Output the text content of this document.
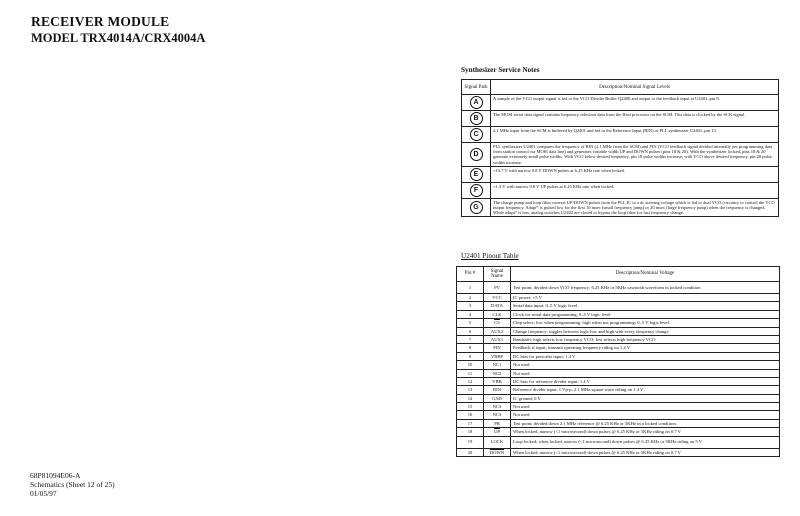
RECEIVER MODULE
MODEL TRX4014A/CRX4004A
Synthesizer Service Notes
Signal Path	Description/Nominal Signal Levels
A	A sample of the VCO output signal is fed to the VCO Divider Buffer Q2400 and output to the feedback input at U2401–pin 8.
B	The MOSI serial data signal contains frequency selection data from the Host processor on the SCM. This data is clocked by the SCK signal.
C	2.1 MHz input from the SCM is buffered by Q2401 and fed to the Reference Input (RIN) of PLL synthesizer U2401–pin 13.
D	PLL synthesizer U2401 compares the frequency of RIN (2.1 MHz from the SCM) and FIN (VCO feedback signal divided internally per programming data from station control via MOSI data line) and generates variable width UP and DOWN pulses (pins 18 & 20). With the synthesizer locked, pins 18 & 20 generate extremely small pulse widths. With VCO below desired frequency, pin 18 pulse widths increase; with VCO above desired frequency, pin 20 pulse widths increase.
E	+13.7 V with narrow 0.8 V DOWN pulses at 6.25 KHz rate when locked.
F	+1.3 V with narrow 0.8 V UP pulses at 6.25 KHz rate when locked.
G	The charge pump and loop filter convert UP/DOWN pulses from the PLL IC to a dc steering voltage which is fed to dual VCO (circuitry to control the VCO output frequency. Adapt* is pulsed low for the first 10 msec (small frequency jump) or 20 msec (large frequency jump) when the frequency is changed. While adapt* is low, analog switches U2402 are closed to bypass the loop filter for fast frequency change.
U2401 Pinout Table
Pin #	Signal Name	Description/Nominal Voltage
1	PV	Test point; divided down VCO frequency; 6.25 KHz or 5KHz sawtooth waveform in locked condition
2	VCC	IC power; +5 V
3	DATA	Serial data input; 0–5 V logic level
4	CLK	Clock for serial data programming; 0–5 V logic level
5	$\overline{CS}$	Chip select; low when programming, high when not programming; 0–5 V logic level
6	AUX2	Change frequency; toggles between logic low and high with every frequency change
7	AUX1	Bandshift; high selects low frequency VCO; low selects high frequency VCO
8	FIN	Feedback rf input; transmit operating frequency riding on 1.4 V
9	VBBP	DC bias for prescaler input; 1.4 V
10	NC1	Not used
11	NC2	Not used
12	VBB	DC bias for reference divider input; 1.4 V
13	RIN	Reference divider input; 1 Vp-p, 2.1 MHz square wave riding on 1.4 V
14	GND	IC ground; 0 V
15	NC3	Not used
16	NC3	Not used
17	PR	Test point; divided down 2.1 MHz reference @ 6.25 KHz or 5KHz in a locked condition.
18	$\overline{UP}$	When locked, narrow (<1 microsecond) down pulses @ 6.25 KHz or 5KHz riding on 0.7 V
19	LOCK	Loop locked; when locked, narrow (<1 microsecond) down pulses @ 6.25 KHz or 5KHz riding on 5 V
20	DOWN	When locked, narrow (<1 microsecond) down pulses @ 6.25 KHz or 5KHz riding on 0.7 V
68P81094E06-A
Schematics (Sheet 12 of 25)
01/05/97
